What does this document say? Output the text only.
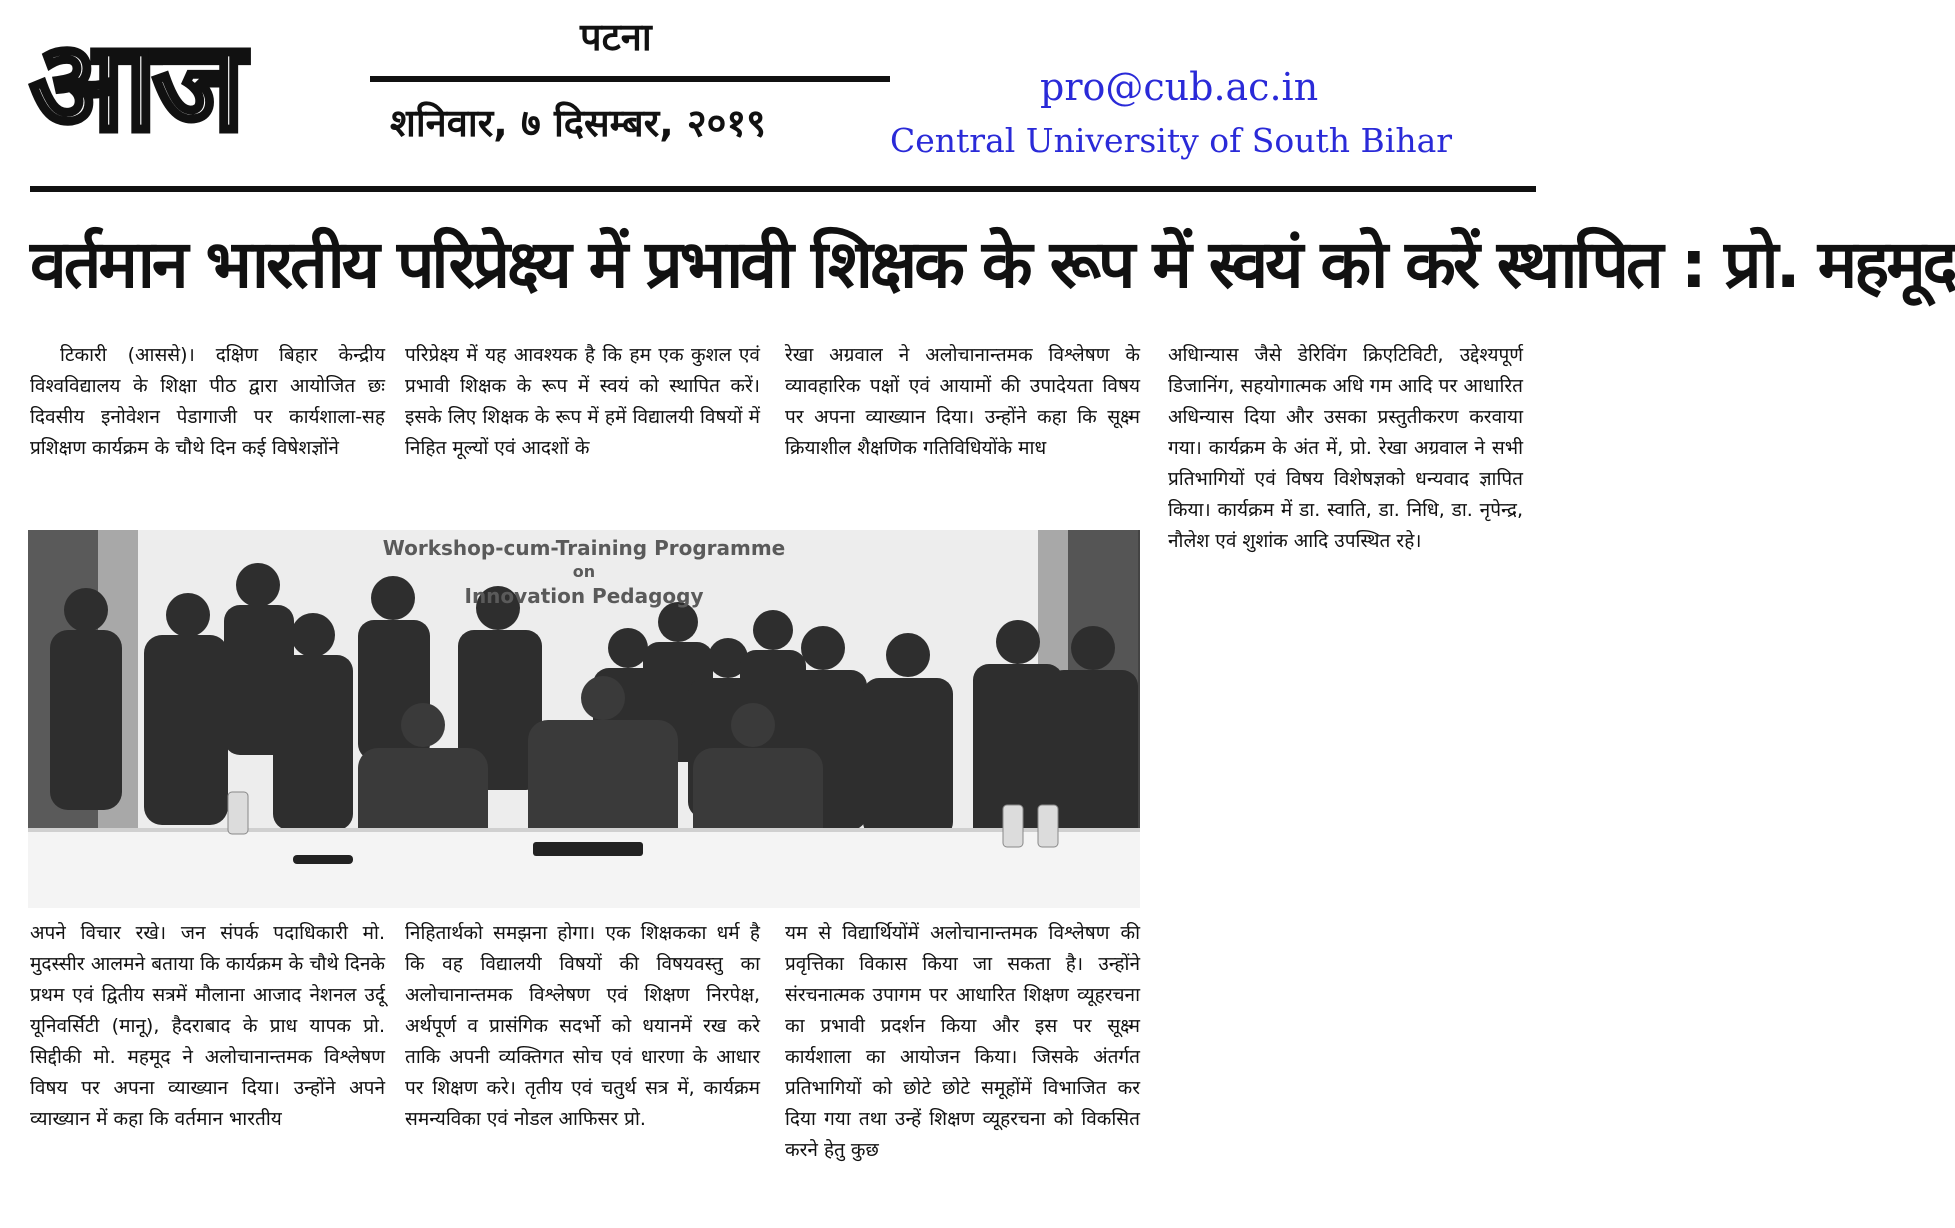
आज	पटना
शनिवार, ७ दिसम्बर, २०१९
pro@cub.ac.in
Central University of South Bihar
वर्तमान भारतीय परिप्रेक्ष्य में प्रभावी शिक्षक के रूप में स्वयं को करें स्थापित : प्रो. महमूद

टिकारी (आससे)। दक्षिण बिहार केन्द्रीय विश्वविद्यालय के शिक्षा पीठ द्वारा आयोजित छः दिवसीय इनोवेशन पेडागाजी पर कार्यशाला-सह प्रशिक्षण कार्यक्रम के चौथे दिन कई विषेशज्ञोंने

परिप्रेक्ष्य में यह आवश्यक है कि हम एक कुशल एवं प्रभावी शिक्षक के रूप में स्वयं को स्थापित करें। इसके लिए शिक्षक के रूप में हमें विद्यालयी विषयों में निहित मूल्यों एवं आदशों के

रेखा अग्रवाल ने अलोचानान्तमक विश्लेषण के व्यावहारिक पक्षों एवं आयामों की उपादेयता विषय पर अपना व्याख्यान दिया। उन्होंने कहा कि सूक्ष्म क्रियाशील शैक्षणिक गतिविधियोंके माध

अधिान्यास जैसे डेरिविंग क्रिएटिविटी, उद्देश्यपूर्ण डिजानिंग, सहयोगात्मक अधि गम आदि पर आधारित अधिन्यास दिया और उसका प्रस्तुतीकरण करवाया गया। कार्यक्रम के अंत में, प्रो. रेखा अग्रवाल ने सभी प्रतिभागियों एवं विषय विशेषज्ञको धन्यवाद ज्ञापित किया। कार्यक्रम में डा. स्वाति, डा. निधि, डा. नृपेन्द्र, नौलेश एवं शुशांक आदि उपस्थित रहे।

Workshop-cum-Training Programme
on
Innovation Pedagogy

अपने विचार रखे। जन संपर्क पदाधिकारी मो. मुदस्सीर आलमने बताया कि कार्यक्रम के चौथे दिनके प्रथम एवं द्वितीय सत्रमें मौलाना आजाद नेशनल उर्दू यूनिवर्सिटी (मानू), हैदराबाद के प्राध यापक प्रो. सिद्दीकी मो. महमूद ने अलोचानान्तमक विश्लेषण विषय पर अपना व्याख्यान दिया। उन्होंने अपने व्याख्यान में कहा कि वर्तमान भारतीय

निहितार्थको समझना होगा। एक शिक्षकका धर्म है कि वह विद्यालयी विषयों की विषयवस्तु का अलोचानान्तमक विश्लेषण एवं शिक्षण निरपेक्ष, अर्थपूर्ण व प्रासंगिक सदर्भो को धयानमें रख करे ताकि अपनी व्यक्तिगत सोच एवं धारणा के आधार पर शिक्षण करे। तृतीय एवं चतुर्थ सत्र में, कार्यक्रम समन्यविका एवं नोडल आफिसर प्रो.

यम से विद्यार्थियोंमें अलोचानान्तमक विश्लेषण की प्रवृत्तिका विकास किया जा सकता है। उन्होंने संरचनात्मक उपागम पर आधारित शिक्षण व्यूहरचना का प्रभावी प्रदर्शन किया और इस पर सूक्ष्म कार्यशाला का आयोजन किया। जिसके अंतर्गत प्रतिभागियों को छोटे छोटे समूहोंमें विभाजित कर दिया गया तथा उन्हें शिक्षण व्यूहरचना को विकसित करने हेतु कुछ
